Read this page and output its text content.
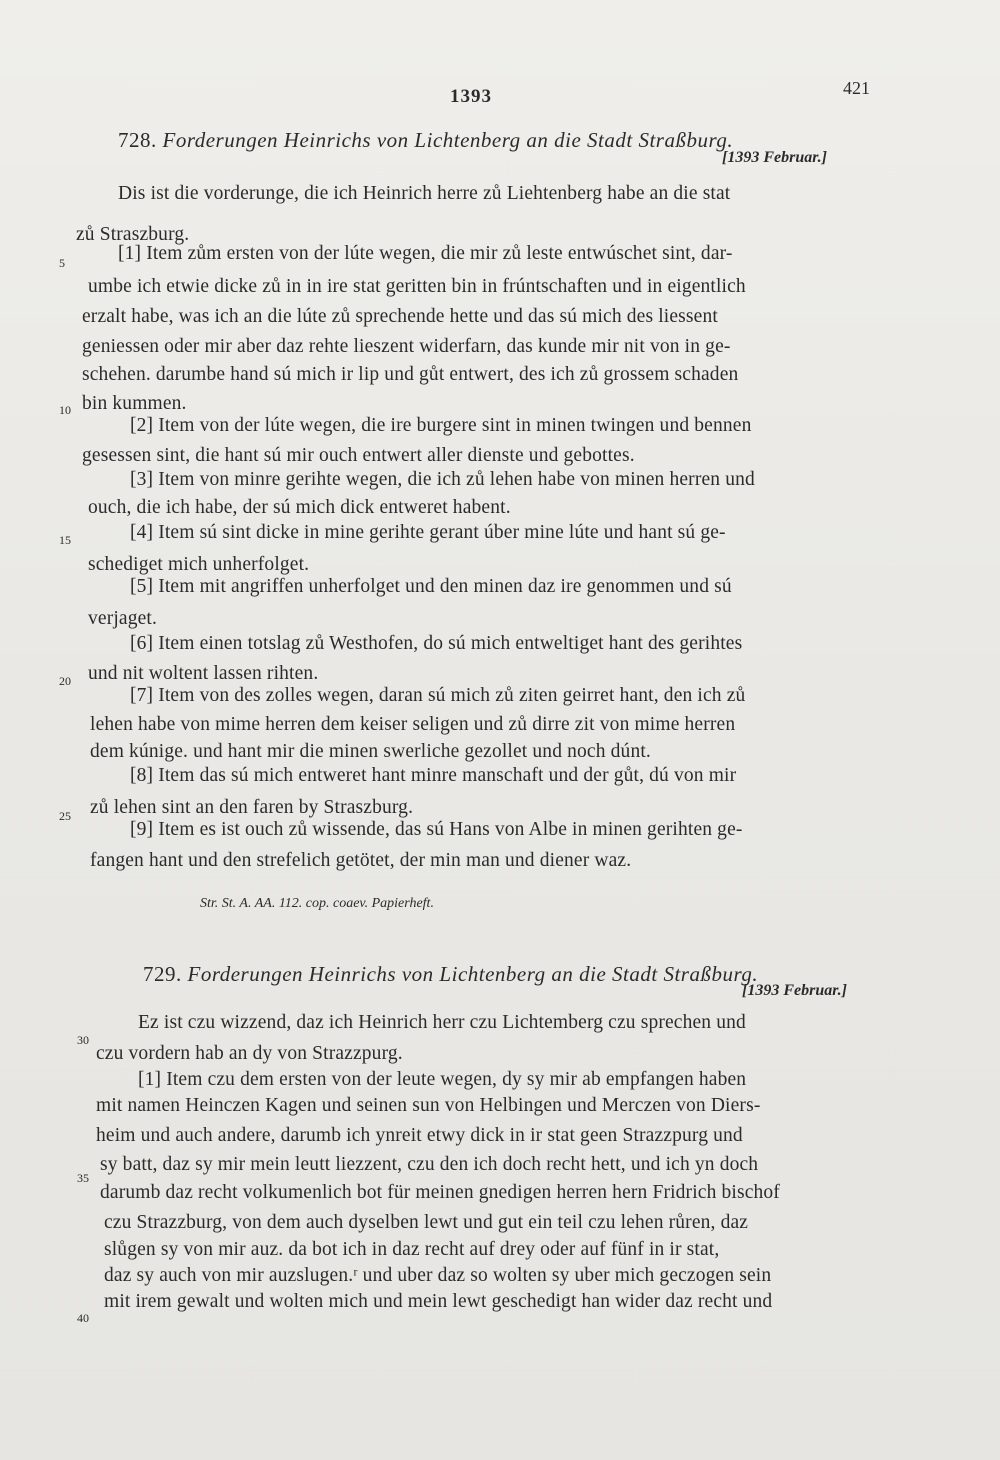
1393	421
728. Forderungen Heinrichs von Lichtenberg an die Stadt Straßburg.
[1393 Februar.]
Dis ist die vorderunge, die ich Heinrich herre zů Liehtenberg habe an die stat
zů Straszburg.
[1] Item zům ersten von der lúte wegen, die mir zů leste entwúschet sint, dar-
umbe ich etwie dicke zů in in ire stat geritten bin in frúntschaften und in eigentlich
erzalt habe, was ich an die lúte zů sprechende hette und das sú mich des liessent
geniessen oder mir aber daz rehte lieszent widerfarn, das kunde mir nit von in ge-
schehen. darumbe hand sú mich ir lip und gůt entwert, des ich zů grossem schaden
bin kummen.
[2] Item von der lúte wegen, die ire burgere sint in minen twingen und bennen
gesessen sint, die hant sú mir ouch entwert aller dienste und gebottes.
[3] Item von minre gerihte wegen, die ich zů lehen habe von minen herren und
ouch, die ich habe, der sú mich dick entweret habent.
[4] Item sú sint dicke in mine gerihte gerant úber mine lúte und hant sú ge-
schediget mich unherfolget.
[5] Item mit angriffen unherfolget und den minen daz ire genommen und sú
verjaget.
[6] Item einen totslag zů Westhofen, do sú mich entweltiget hant des gerihtes
und nit woltent lassen rihten.
[7] Item von des zolles wegen, daran sú mich zů ziten geirret hant, den ich zů
lehen habe von mime herren dem keiser seligen und zů dirre zit von mime herren
dem kúnige. und hant mir die minen swerliche gezollet und noch dúnt.
[8] Item das sú mich entweret hant minre manschaft und der gůt, dú von mir
zů lehen sint an den faren by Straszburg.
[9] Item es ist ouch zů wissende, das sú Hans von Albe in minen gerihten ge-
fangen hant und den strefelich getötet, der min man und diener waz.
Str. St. A. AA. 112. cop. coaev. Papierheft.
729. Forderungen Heinrichs von Lichtenberg an die Stadt Straßburg.
[1393 Februar.]
Ez ist czu wizzend, daz ich Heinrich herr czu Lichtemberg czu sprechen und
czu vordern hab an dy von Strazzpurg.
[1] Item czu dem ersten von der leute wegen, dy sy mir ab empfangen haben
mit namen Heinczen Kagen und seinen sun von Helbingen und Merczen von Diers-
heim und auch andere, darumb ich ynreit etwy dick in ir stat geen Strazzpurg und
sy batt, daz sy mir mein leutt liezzent, czu den ich doch recht hett, und ich yn doch
darumb daz recht volkumenlich bot für meinen gnedigen herren hern Fridrich bischof
czu Strazzburg, von dem auch dyselben lewt und gut ein teil czu lehen růren, daz
slůgen sy von mir auz. da bot ich in daz recht auf drey oder auf fünf in ir stat,
daz sy auch von mir auzslugen.ʳ und uber daz so wolten sy uber mich geczogen sein
mit irem gewalt und wolten mich und mein lewt geschedigt han wider daz recht und
5
10
15
20
25
30
35
40
